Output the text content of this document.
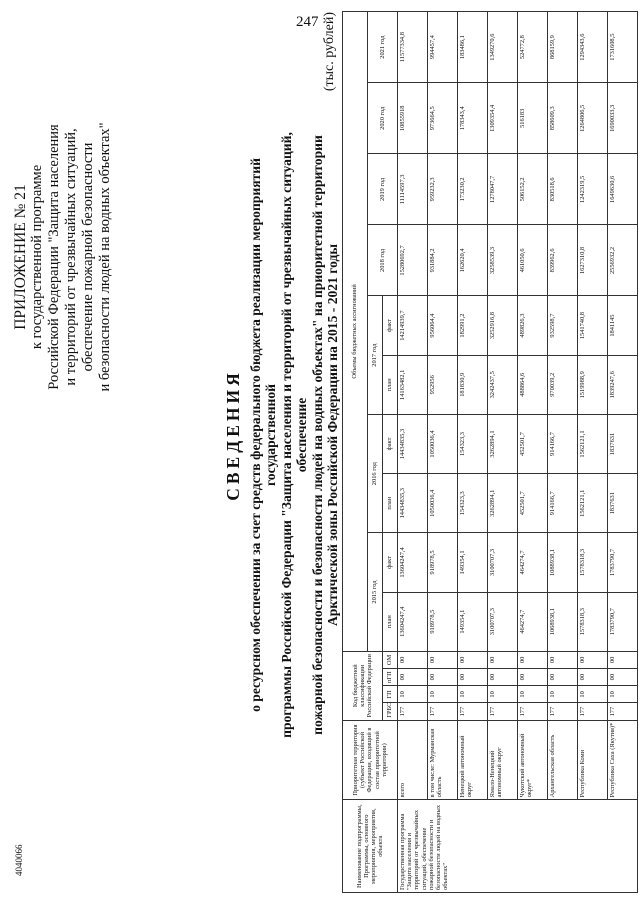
247
ПРИЛОЖЕНИЕ № 21 к государственной программе Российской Федерации "Защита населения и территорий от чрезвычайных ситуаций, обеспечение пожарной безопасности и безопасности людей на водных объектах"
СВЕДЕНИЯ о ресурсном обеспечении за счет средств федерального бюджета реализации мероприятий государственной программы Российской Федерации "Защита населения и территорий от чрезвычайных ситуаций, обеспечение пожарной безопасности и безопасности людей на водных объектах" на приоритетной территории Арктической зоны Российской Федерации на 2015 - 2021 годы
(тыс. рублей)
Наименование подпрограммы, Программы, основного мероприятия, мероприятия, объекта	Приоритетная территория (субъект Российской Федерации, входящий в состав приоритетной территории)	Код бюджетной классификации Российской Федерации				Объемы бюджетных ассигнований									
						2015 год		2016 год		2017 год		2018 год	2019 год	2020 год	2021 год
		ГРБС	ГП	пГП	ОМ	план	факт	план	факт	план	факт				
Государственная программа "Защита населения и территорий от чрезвычайных ситуаций, обеспечение пожарной безопасности и безопасности людей на водных объектах"	всего	177	10	00	00	13604247,4	13604247,4	14434835,3	14434835,3	14163482,1	14214939,7	15280692,7	11114597,3	10855918	11577334,8
	в том числе: Мурманская область	177	10	00	00	918978,5	918978,5	1050036,4	1050036,4	952956	956064,4	931884,2	959232,3	973664,5	994457,4
	Ненецкий автономный округ	177	10	00	00	149354,1	149354,1	154323,3	154323,3	181830,9	182991,2	162620,4	173230,2	178343,4	183486,1
	Ямало-Ненецкий автономный округ	177	10	00	00	3100707,3	3100707,3	3262894,1	3262894,1	3242437,5	3252916,8	3258539,3	1278047,7	1309354,4	1349270,6
	Чукотский автономный округ*	177	10	00	00	464274,7	464274,7	452501,7	452501,7	488864,6	489826,3	461050,6	506152,2	516183	524772,8
	Архангельская область	177	10	00	00	1068938,1	1088938,1	914166,7	914166,7	970039,2	932598,7	839962,6	830518,6	858609,3	868159,9
	Республика Коми	177	10	00	00	1578318,3	1578318,3	1562121,1	1562121,1	1519988,9	1541740,8	1627310,8	1242319,5	1264806,5	1294343,6
	Республика Саха (Якутия)*	177	10	00	00	1783790,7	1783790,7	1837631	1837631	1839247,6	1841145	2556932,2	1649630,6	1690033,3	1731608,5
4040066
